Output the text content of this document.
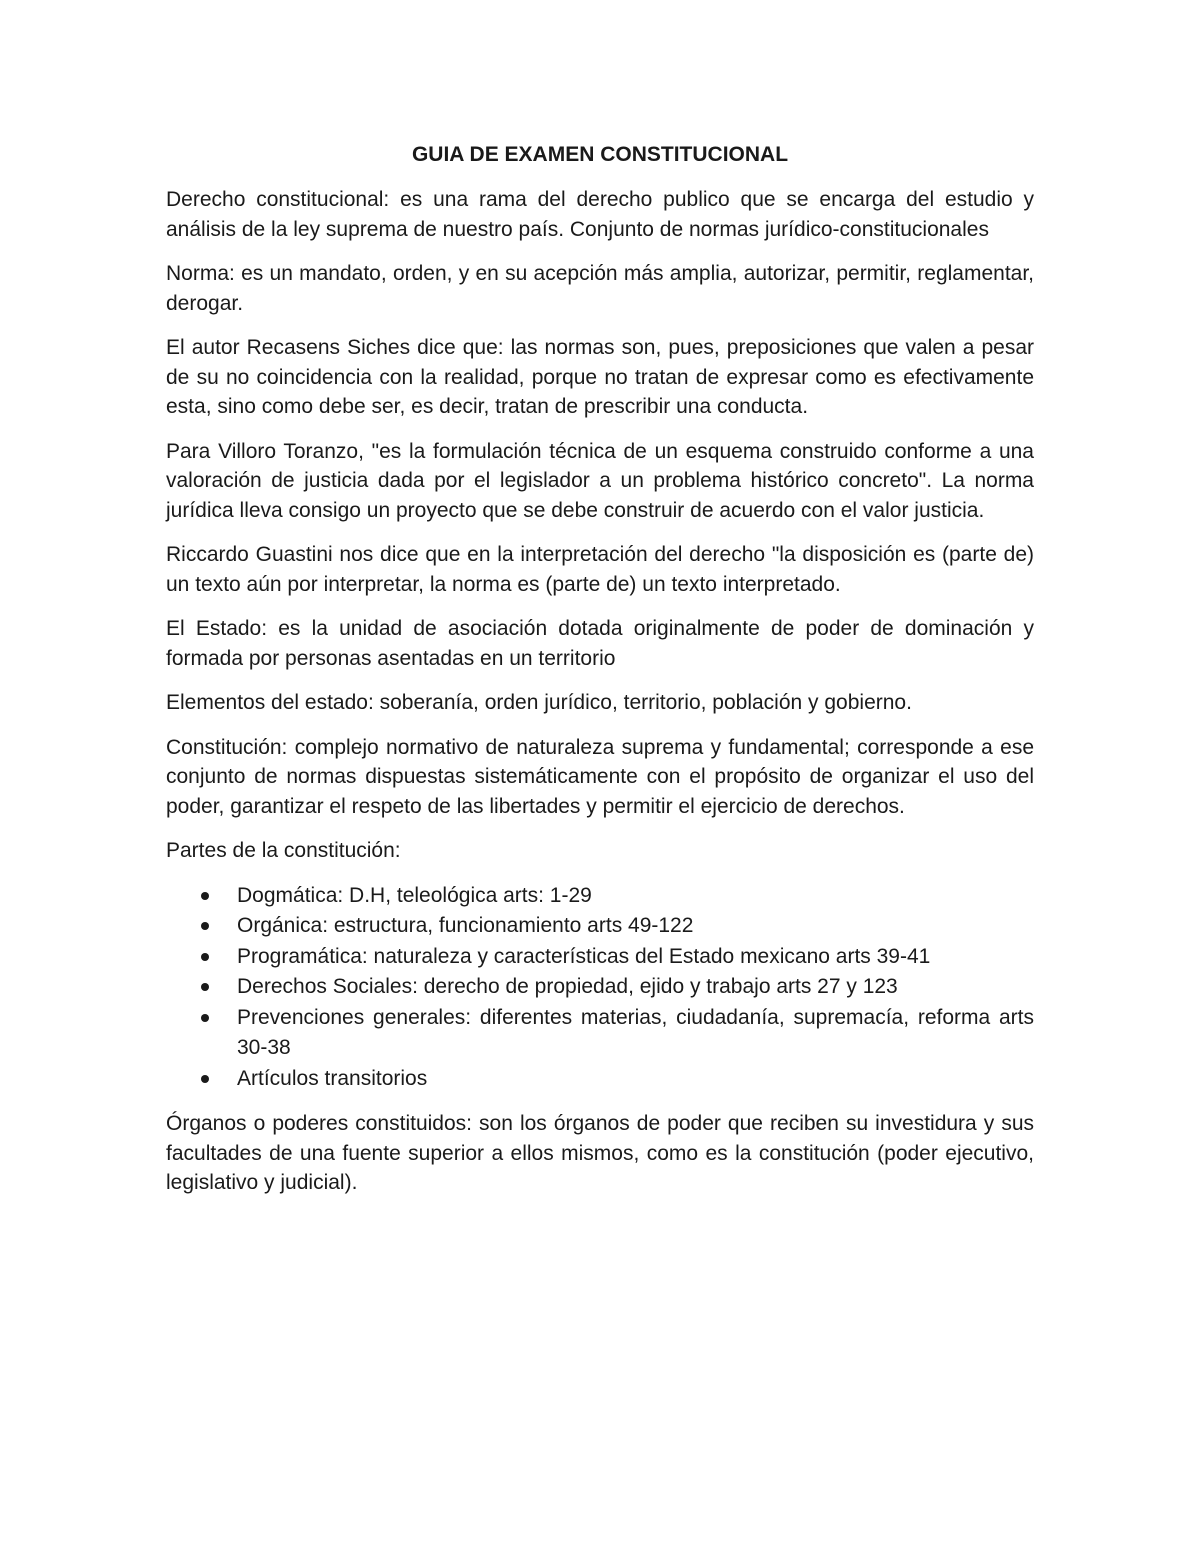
GUIA DE EXAMEN CONSTITUCIONAL

Derecho constitucional: es una rama del derecho publico que se encarga del estudio y análisis de la ley suprema de nuestro país. Conjunto de normas jurídico-constitucionales

Norma: es un mandato, orden, y en su acepción más amplia, autorizar, permitir, reglamentar, derogar.

El autor Recasens Siches dice que: las normas son, pues, preposiciones que valen a pesar de su no coincidencia con la realidad, porque no tratan de expresar como es efectivamente esta, sino como debe ser, es decir, tratan de prescribir una conducta.

Para Villoro Toranzo, "es la formulación técnica de un esquema construido conforme a una valoración de justicia dada por el legislador a un problema histórico concreto". La norma jurídica lleva consigo un proyecto que se debe construir de acuerdo con el valor justicia.

Riccardo Guastini nos dice que en la interpretación del derecho "la disposición es (parte de) un texto aún por interpretar, la norma es (parte de) un texto interpretado.

El Estado: es la unidad de asociación dotada originalmente de poder de dominación y formada por personas asentadas en un territorio

Elementos del estado: soberanía, orden jurídico, territorio, población y gobierno.

Constitución: complejo normativo de naturaleza suprema y fundamental; corresponde a ese conjunto de normas dispuestas sistemáticamente con el propósito de organizar el uso del poder, garantizar el respeto de las libertades y permitir el ejercicio de derechos.

Partes de la constitución:

Dogmática: D.H, teleológica arts: 1-29
Orgánica: estructura, funcionamiento arts 49-122
Programática: naturaleza y características del Estado mexicano arts 39-41
Derechos Sociales: derecho de propiedad, ejido y trabajo arts 27 y 123
Prevenciones generales: diferentes materias, ciudadanía, supremacía, reforma arts 30-38
Artículos transitorios

Órganos o poderes constituidos: son los órganos de poder que reciben su investidura y sus facultades de una fuente superior a ellos mismos, como es la constitución (poder ejecutivo, legislativo y judicial).
